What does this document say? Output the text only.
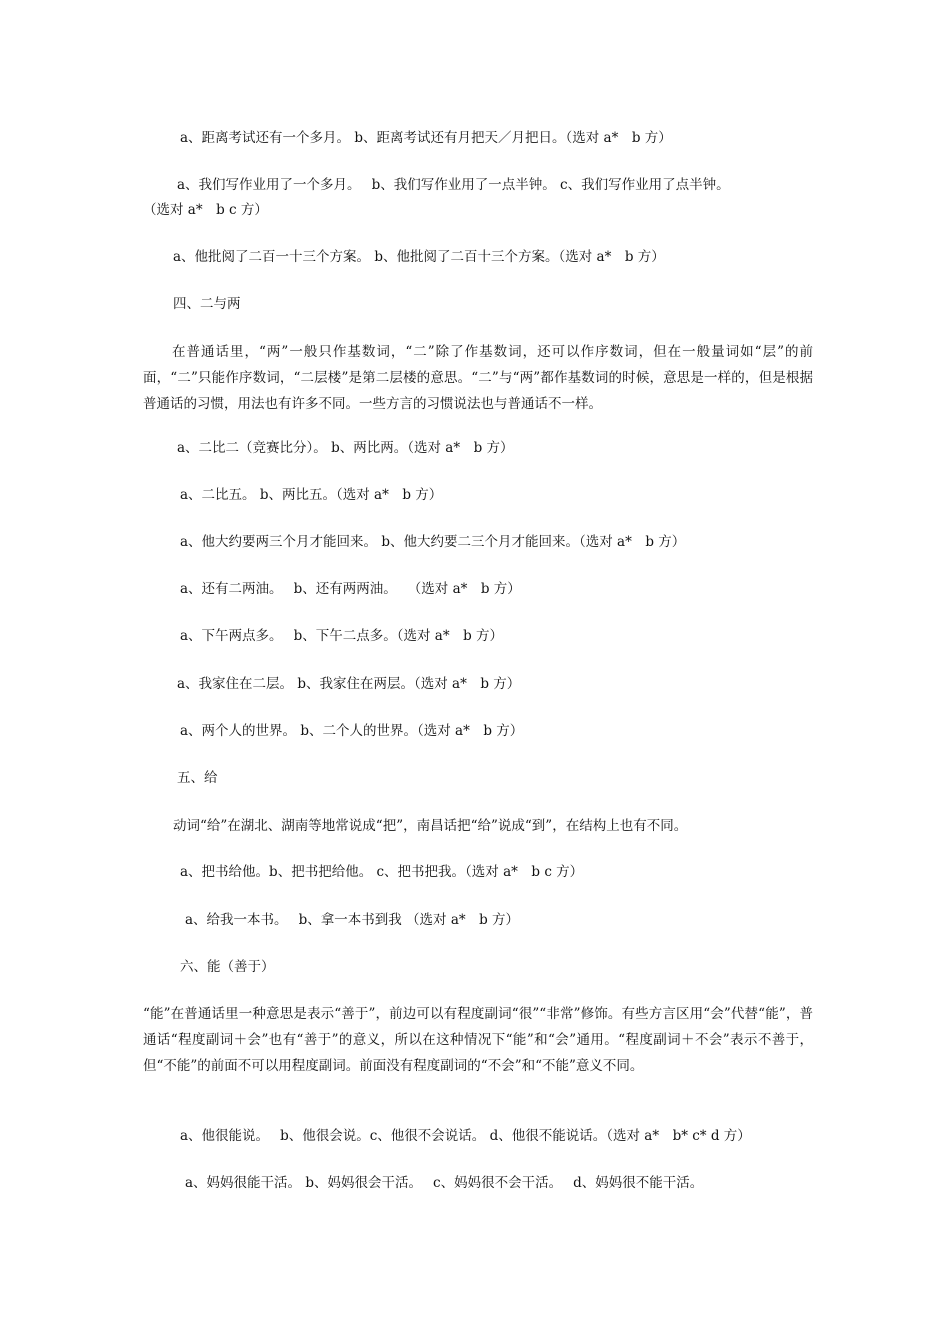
a、距离考试还有一个多月。 b、距离考试还有月把天／月把日。（选对 a*　b 方）
a、我们写作业用了一个多月。　 b、我们写作业用了一点半钟。 c、我们写作业用了点半钟。
（选对 a*　b c 方）
a、他批阅了二百一十三个方案。 b、他批阅了二百十三个方案。（选对 a*　b 方）
四、二与两
　　在普通话里，“两”一般只作基数词，“二”除了作基数词，还可以作序数词，但在一般量词如“层”的前面，“二”只能作序数词，“二层楼”是第二层楼的意思。“二”与“两”都作基数词的时候，意思是一样的，但是根据普通话的习惯，用法也有许多不同。一些方言的习惯说法也与普通话不一样。
a、二比二（竞赛比分）。 b、两比两。（选对 a*　b 方）
a、二比五。 b、两比五。（选对 a*　b 方）
a、他大约要两三个月才能回来。 b、他大约要二三个月才能回来。（选对 a*　b 方）
a、还有二两油。　 b、还有两两油。　 （选对 a*　b 方）
a、下午两点多。　 b、下午二点多。（选对 a*　b 方）
a、我家住在二层。 b、我家住在两层。（选对 a*　b 方）
a、两个人的世界。 b、二个人的世界。（选对 a*　b 方）
五、给
动词“给”在湖北、湖南等地常说成“把”，南昌话把“给”说成“到”，在结构上也有不同。
a、把书给他。b、把书把给他。 c、把书把我。（选对 a*　b c 方）
a、给我一本书。　 b、拿一本书到我 （选对 a*　b 方）
六、能（善于）
“能”在普通话里一种意思是表示“善于”，前边可以有程度副词“很”“非常”修饰。有些方言区用“会”代替“能”，普通话“程度副词＋会”也有“善于”的意义，所以在这种情况下“能”和“会”通用。“程度副词＋不会”表示不善于，但“不能”的前面不可以用程度副词。前面没有程度副词的“不会”和“不能”意义不同。
a、他很能说。　 b、他很会说。c、他很不会说话。 d、他很不能说话。（选对 a*　b* c* d 方）
a、妈妈很能干活。 b、妈妈很会干活。　 c、妈妈很不会干活。　 d、妈妈很不能干活。
